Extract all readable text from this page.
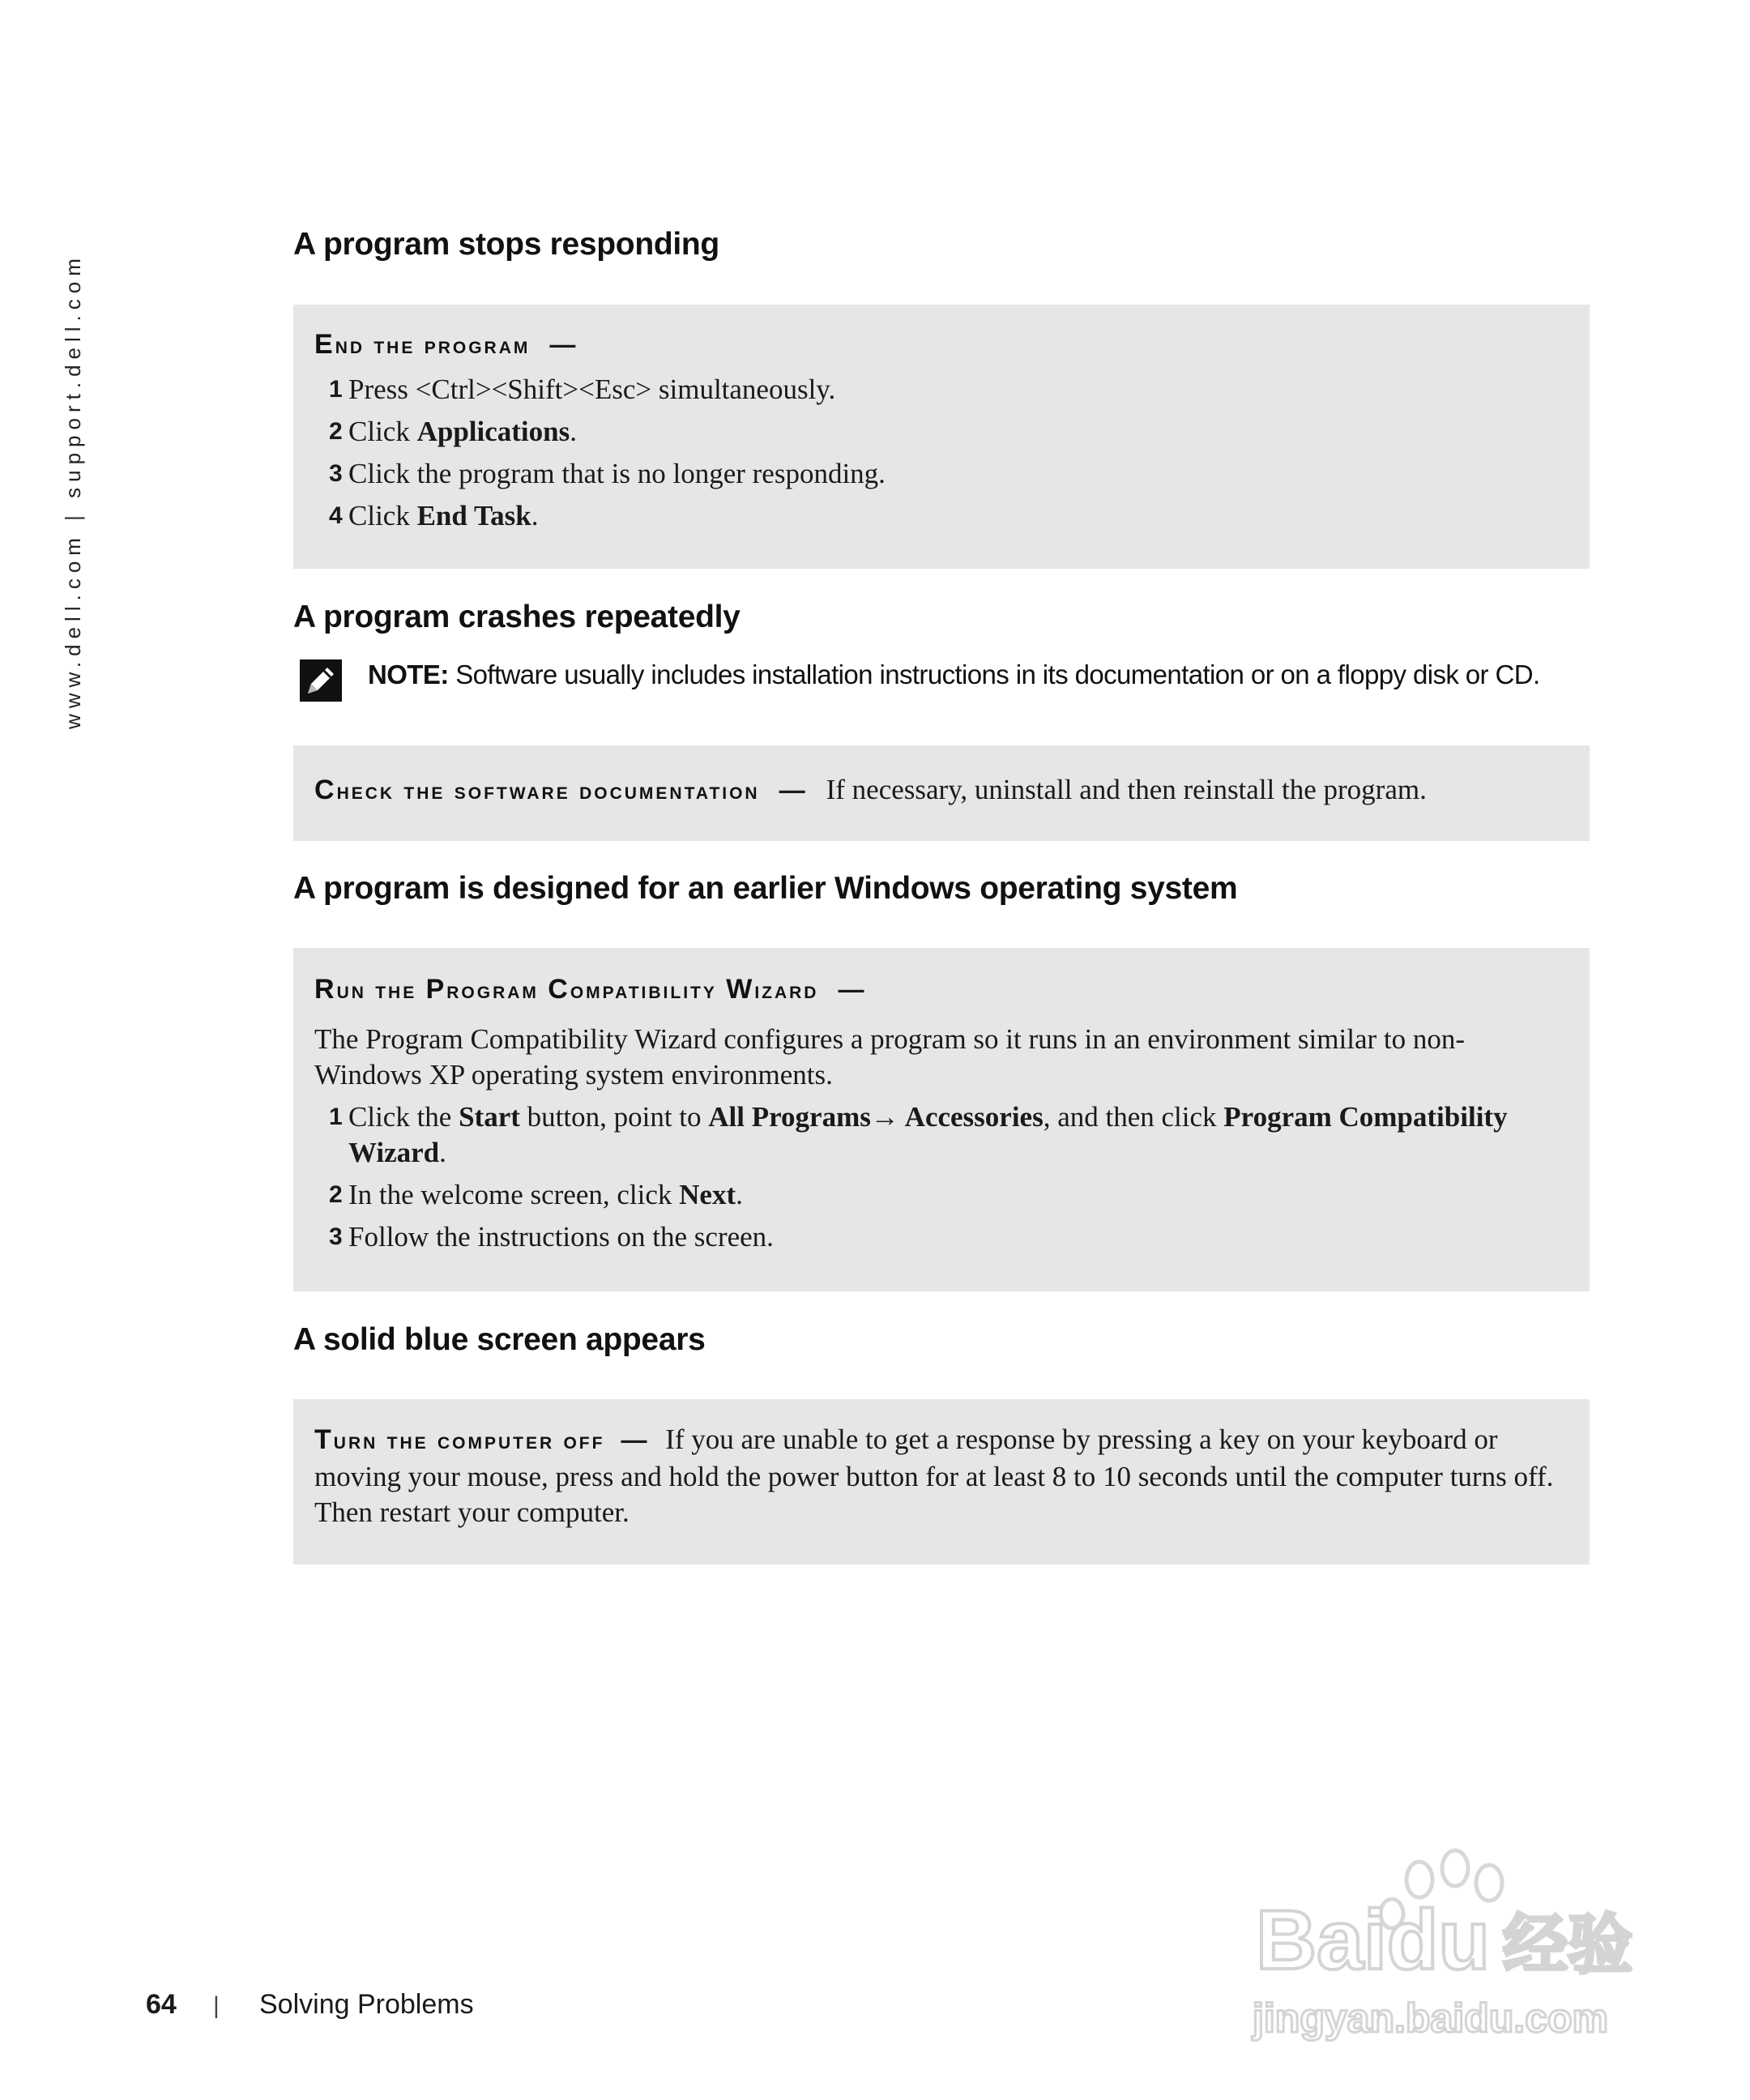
www.dell.com | support.dell.com
A program stops responding
End the program —
1 Press <Ctrl><Shift><Esc> simultaneously.
2 Click Applications.
3 Click the program that is no longer responding.
4 Click End Task.
A program crashes repeatedly
NOTE: Software usually includes installation instructions in its documentation or on a floppy disk or CD.
Check the software documentation — If necessary, uninstall and then reinstall the program.
A program is designed for an earlier Windows operating system
Run the Program Compatibility Wizard —
The Program Compatibility Wizard configures a program so it runs in an environment similar to non-Windows XP operating system environments.
1 Click the Start button, point to All Programs→ Accessories, and then click Program Compatibility Wizard.
2 In the welcome screen, click Next.
3 Follow the instructions on the screen.
A solid blue screen appears
Turn the computer off — If you are unable to get a response by pressing a key on your keyboard or moving your mouse, press and hold the power button for at least 8 to 10 seconds until the computer turns off. Then restart your computer.
64 | Solving Problems
Baidu 经验
jingyan.baidu.com
